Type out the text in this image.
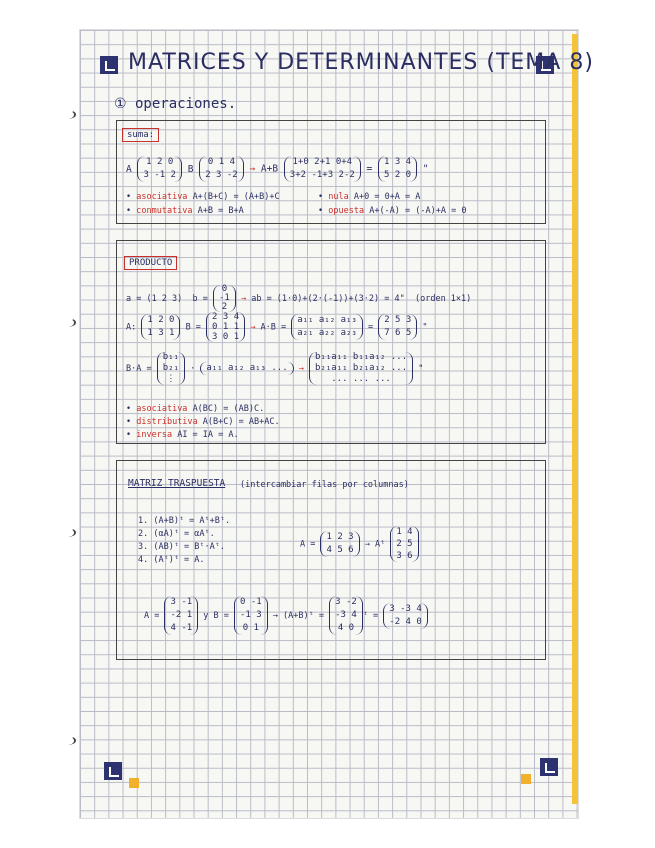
MATRICES Y DETERMINANTES (TEMA 8)
① operaciones.
suma:
A 1 2 0
3 -1 2 B 0 1 4
2 3 -2 → A+B 1+0 2+1 0+4
3+2 -1+3 2-2 = 1 3 4
5 2 0 "
• asociativa A+(B+C) = (A+B)+C	• nula A+0 = 0+A = A
• conmutativa A+B = B+A	• opuesta A+(-A) = (-A)+A = 0
PRODUCTO
a = (1 2 3)  b = 0
-1
2 → ab = (1·0)+(2·(-1))+(3·2) = 4"  (orden 1×1)
A: 1 2 0
1 3 1 B = 2 3 4
0 1 1
3 0 1 → A·B = a₁₁ a₁₂ a₁₃
a₂₁ a₂₂ a₂₃ = 2 5 3
7 6 5 "
B·A = b₁₁
b₂₁
⋮ · a₁₁ a₁₂ a₁₃ ... → b₁₁a₁₁ b₁₁a₁₂ ...
b₂₁a₁₁ b₂₁a₁₂ ...
... ... ... "
• asociativa A(BC) = (AB)C.
• distributiva A(B+C) = AB+AC.
• inversa AI = IA = A.
MATRIZ TRASPUESTA (intercambiar filas por columnas)
1. (A+B)ᵗ = Aᵗ+Bᵗ.
2. (αA)ᵗ = αAᵗ.
3. (AB)ᵗ = Bᵗ·Aᵗ.
4. (Aᵗ)ᵗ = A.
A = 1 2 3
4 5 6 → Aᵗ 1 4
2 5
3 6
A = 3 -1
-2 1
4 -1 y B = 0 -1
-1 3
0 1 → (A+B)ᵗ = 3 -2
-3 4
4 0ᵗ = 3 -3 4
-2 4 0
